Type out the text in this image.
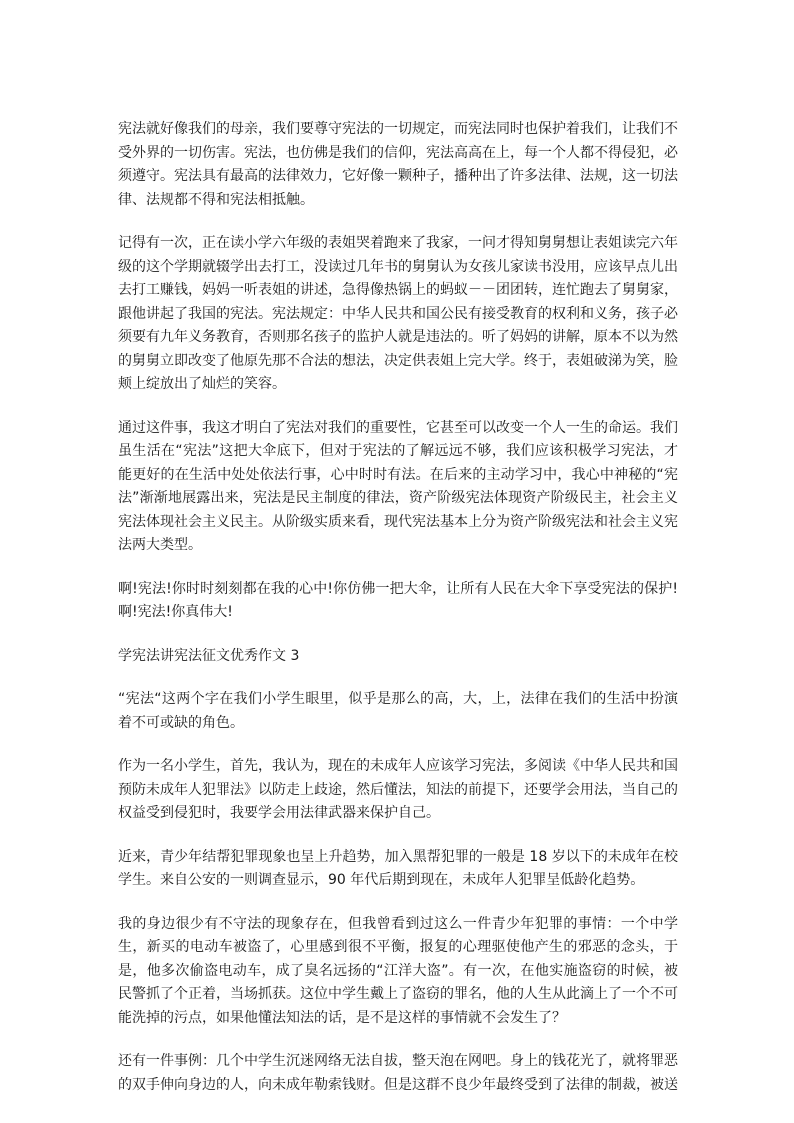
宪法就好像我们的母亲，我们要尊守宪法的一切规定，而宪法同时也保护着我们，让我们不受外界的一切伤害。宪法，也仿佛是我们的信仰，宪法高高在上，每一个人都不得侵犯，必须遵守。宪法具有最高的法律效力，它好像一颗种子，播种出了许多法律、法规，这一切法律、法规都不得和宪法相抵触。

记得有一次，正在读小学六年级的表姐哭着跑来了我家，一问才得知舅舅想让表姐读完六年级的这个学期就辍学出去打工，没读过几年书的舅舅认为女孩儿家读书没用，应该早点儿出去打工赚钱，妈妈一听表姐的讲述，急得像热锅上的蚂蚁－－团团转，连忙跑去了舅舅家，跟他讲起了我国的宪法。宪法规定：中华人民共和国公民有接受教育的权利和义务，孩子必须要有九年义务教育，否则那名孩子的监护人就是违法的。听了妈妈的讲解，原本不以为然的舅舅立即改变了他原先那不合法的想法，决定供表姐上完大学。终于，表姐破涕为笑，脸颊上绽放出了灿烂的笑容。

通过这件事，我这才明白了宪法对我们的重要性，它甚至可以改变一个人一生的命运。我们虽生活在“宪法”这把大伞底下，但对于宪法的了解远远不够，我们应该积极学习宪法，才能更好的在生活中处处依法行事，心中时时有法。在后来的主动学习中，我心中神秘的“宪法”渐渐地展露出来，宪法是民主制度的律法，资产阶级宪法体现资产阶级民主，社会主义宪法体现社会主义民主。从阶级实质来看，现代宪法基本上分为资产阶级宪法和社会主义宪法两大类型。

啊!宪法!你时时刻刻都在我的心中!你仿佛一把大伞，让所有人民在大伞下享受宪法的保护!啊!宪法!你真伟大!

学宪法讲宪法征文优秀作文 3

“宪法“这两个字在我们小学生眼里，似乎是那么的高，大，上，法律在我们的生活中扮演着不可或缺的角色。

作为一名小学生，首先，我认为，现在的未成年人应该学习宪法，多阅读《中华人民共和国预防未成年人犯罪法》以防走上歧途，然后懂法，知法的前提下，还要学会用法，当自己的权益受到侵犯时，我要学会用法律武器来保护自己。

近来，青少年结帮犯罪现象也呈上升趋势，加入黑帮犯罪的一般是 18 岁以下的未成年在校学生。来自公安的一则调查显示，90 年代后期到现在，未成年人犯罪呈低龄化趋势。

我的身边很少有不守法的现象存在，但我曾看到过这么一件青少年犯罪的事情：一个中学生，新买的电动车被盗了，心里感到很不平衡，报复的心理驱使他产生的邪恶的念头，于是，他多次偷盗电动车，成了臭名远扬的“江洋大盗”。有一次，在他实施盗窃的时候，被民警抓了个正着，当场抓获。这位中学生戴上了盗窃的罪名，他的人生从此滴上了一个不可能洗掉的污点，如果他懂法知法的话，是不是这样的事情就不会发生了？

还有一件事例：几个中学生沉迷网络无法自拔，整天泡在网吧。身上的钱花光了，就将罪恶的双手伸向身边的人，向未成年勒索钱财。但是这群不良少年最终受到了法律的制裁，被送
